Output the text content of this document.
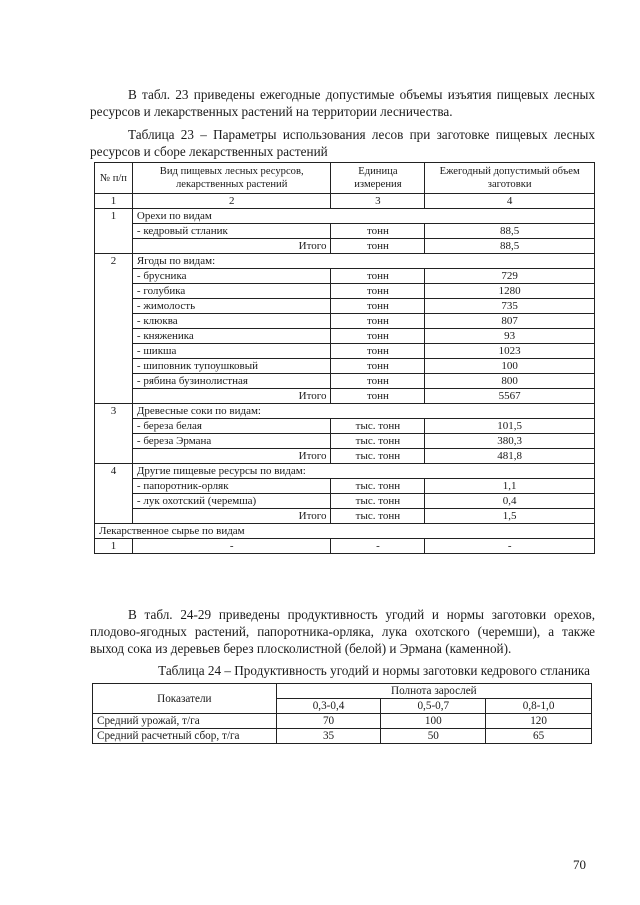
В табл. 23 приведены ежегодные допустимые объемы изъятия пищевых лесных ресурсов и лекарственных растений на территории лесничества.
Таблица 23 – Параметры использования лесов при заготовке пищевых лесных ресурсов и сборе лекарственных растений
№ п/п	Вид пищевых лесных ресурсов, лекарственных растений	Единица измерения	Ежегодный допустимый объем заготовки
1	2	3	4
1	Орехи по видам		
	- кедровый стланик	тонн	88,5
	Итого	тонн	88,5
2	Ягоды по видам:		
	- брусника	тонн	729
	- голубика	тонн	1280
	- жимолость	тонн	735
	- клюква	тонн	807
	- княженика	тонн	93
	- шикша	тонн	1023
	- шиповник тупоушковый	тонн	100
	- рябина бузинолистная	тонн	800
	Итого	тонн	5567
3	Древесные соки по видам:		
	- береза белая	тыс. тонн	101,5
	- береза Эрмана	тыс. тонн	380,3
	Итого	тыс. тонн	481,8
4	Другие пищевые ресурсы по видам:		
	- папоротник-орляк	тыс. тонн	1,1
	- лук охотский (черемша)	тыс. тонн	0,4
	Итого	тыс. тонн	1,5
Лекарственное сырье по видам			
1	-	-	-
В табл. 24-29 приведены продуктивность угодий и нормы заготовки орехов, плодово-ягодных растений, папоротника-орляка, лука охотского (черемши), а также выход сока из деревьев берез плосколистной (белой) и Эрмана (каменной).
Таблица 24 – Продуктивность угодий и нормы заготовки кедрового стланика
Показатели	Полнота зарослей		
	0,3-0,4	0,5-0,7	0,8-1,0
Средний урожай, т/га	70	100	120
Средний расчетный сбор, т/га	35	50	65
70
